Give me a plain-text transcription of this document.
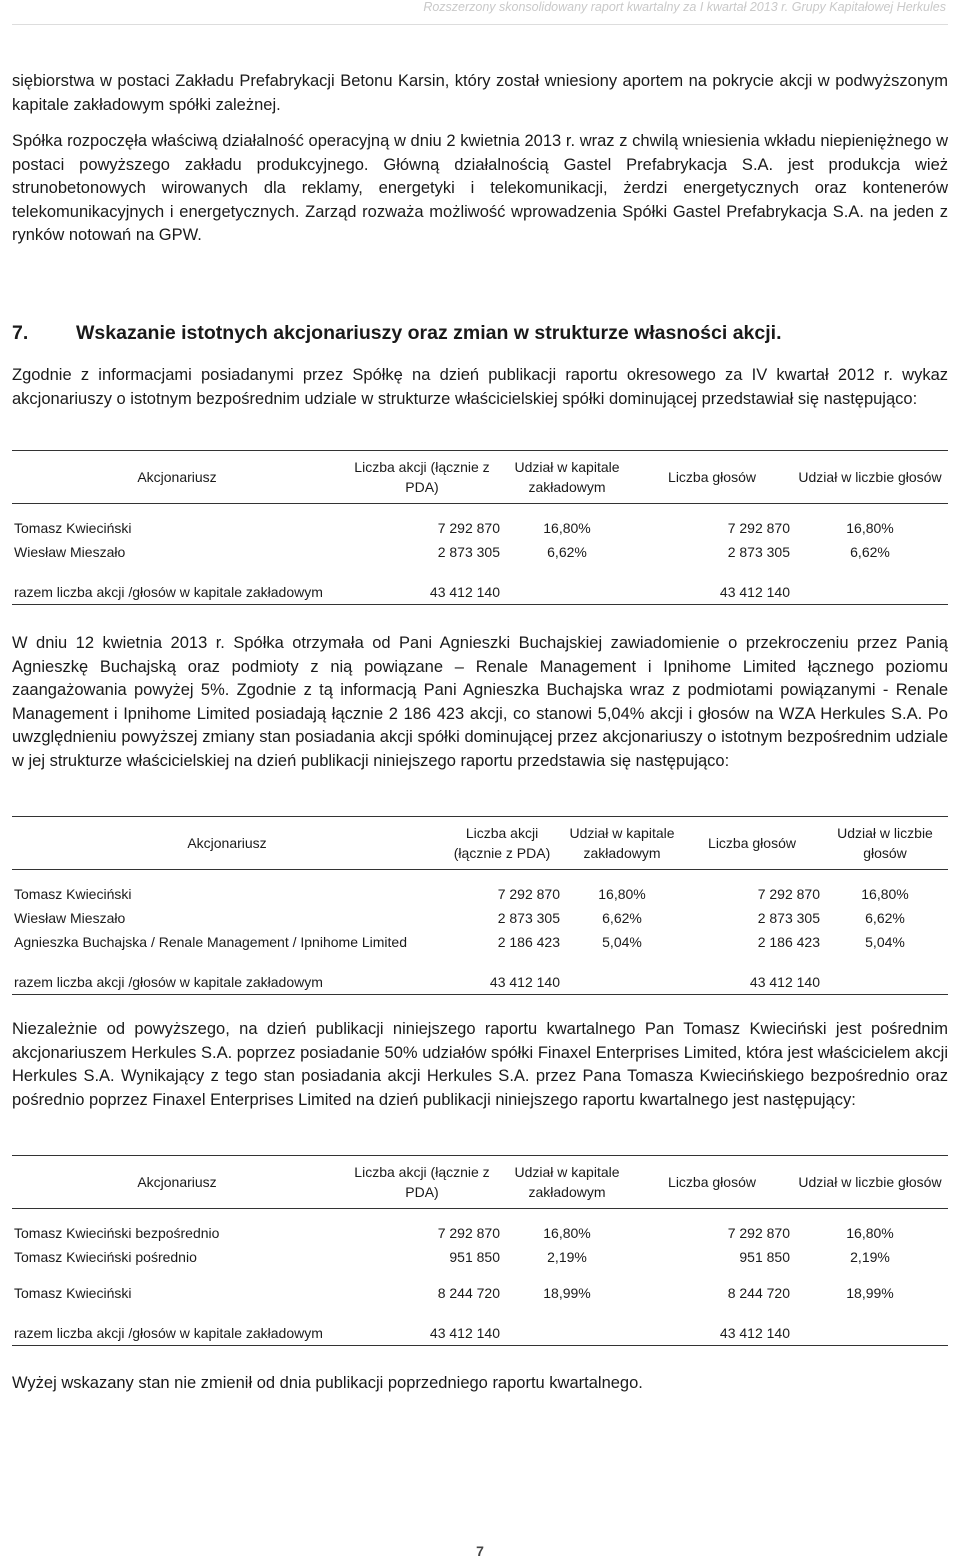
Rozszerzony skonsolidowany raport kwartalny za I kwartał 2013 r. Grupy Kapitałowej Herkules

siębiorstwa w postaci Zakładu Prefabrykacji Betonu Karsin, który został wniesiony aportem na pokrycie akcji w podwyższonym kapitale zakładowym spółki zależnej.

Spółka rozpoczęła właściwą działalność operacyjną w dniu 2 kwietnia 2013 r. wraz z chwilą wniesienia wkładu niepieniężnego w postaci powyższego zakładu produkcyjnego. Główną działalnością Gastel Prefabrykacja S.A. jest produkcja wież strunobetonowych wirowanych dla reklamy, energetyki i telekomunikacji, żerdzi energetycznych oraz kontenerów telekomunikacyjnych i energetycznych. Zarząd rozważa możliwość wprowadzenia Spółki Gastel Prefabrykacja S.A. na jeden z rynków notowań na GPW.

7. Wskazanie istotnych akcjonariuszy oraz zmian w strukturze własności akcji.

Zgodnie z informacjami posiadanymi przez Spółkę na dzień publikacji raportu okresowego za IV kwartał 2012 r. wykaz akcjonariuszy o istotnym bezpośrednim udziale w strukturze właścicielskiej spółki dominującej przedstawiał się następująco:

Akcjonariusz	Liczba akcji (łącznie z PDA)	Udział w kapitale zakładowym	Liczba głosów	Udział w liczbie głosów

Tomasz Kwieciński	7 292 870	16,80%	7 292 870	16,80%
Wiesław Mieszało	2 873 305	6,62%	2 873 305	6,62%

razem liczba akcji /głosów w kapitale zakładowym	43 412 140		43 412 140	

W dniu 12 kwietnia 2013 r. Spółka otrzymała od Pani Agnieszki Buchajskiej zawiadomienie o przekroczeniu przez Panią Agnieszkę Buchajską oraz podmioty z nią powiązane – Renale Management i Ipnihome Limited łącznego poziomu zaangażowania powyżej 5%. Zgodnie z tą informacją Pani Agnieszka Buchajska wraz z podmiotami powiązanymi - Renale Management i Ipnihome Limited posiadają łącznie 2 186 423 akcji, co stanowi 5,04% akcji i głosów na WZA Herkules S.A. Po uwzględnieniu powyższej zmiany stan posiadania akcji spółki dominującej przez akcjonariuszy o istotnym bezpośrednim udziale w jej strukturze właścicielskiej na dzień publikacji niniejszego raportu przedstawia się następująco:

Akcjonariusz	Liczba akcji (łącznie z PDA)	Udział w kapitale zakładowym	Liczba głosów	Udział w liczbie głosów

Tomasz Kwieciński	7 292 870	16,80%	7 292 870	16,80%
Wiesław Mieszało	2 873 305	6,62%	2 873 305	6,62%
Agnieszka Buchajska / Renale Management / Ipnihome Limited	2 186 423	5,04%	2 186 423	5,04%

razem liczba akcji /głosów w kapitale zakładowym	43 412 140		43 412 140	

Niezależnie od powyższego, na dzień publikacji niniejszego raportu kwartalnego Pan Tomasz Kwieciński jest pośrednim akcjonariuszem Herkules S.A. poprzez posiadanie 50% udziałów spółki Finaxel Enterprises Limited, która jest właścicielem akcji Herkules S.A. Wynikający z tego stan posiadania akcji Herkules S.A. przez Pana Tomasza Kwiecińskiego bezpośrednio oraz pośrednio poprzez Finaxel Enterprises Limited na dzień publikacji niniejszego raportu kwartalnego jest następujący:

Akcjonariusz	Liczba akcji (łącznie z PDA)	Udział w kapitale zakładowym	Liczba głosów	Udział w liczbie głosów

Tomasz Kwieciński bezpośrednio	7 292 870	16,80%	7 292 870	16,80%
Tomasz Kwieciński pośrednio	951 850	2,19%	951 850	2,19%

Tomasz Kwieciński	8 244 720	18,99%	8 244 720	18,99%

razem liczba akcji /głosów w kapitale zakładowym	43 412 140		43 412 140	

Wyżej wskazany stan nie zmienił od dnia publikacji poprzedniego raportu kwartalnego.

7
